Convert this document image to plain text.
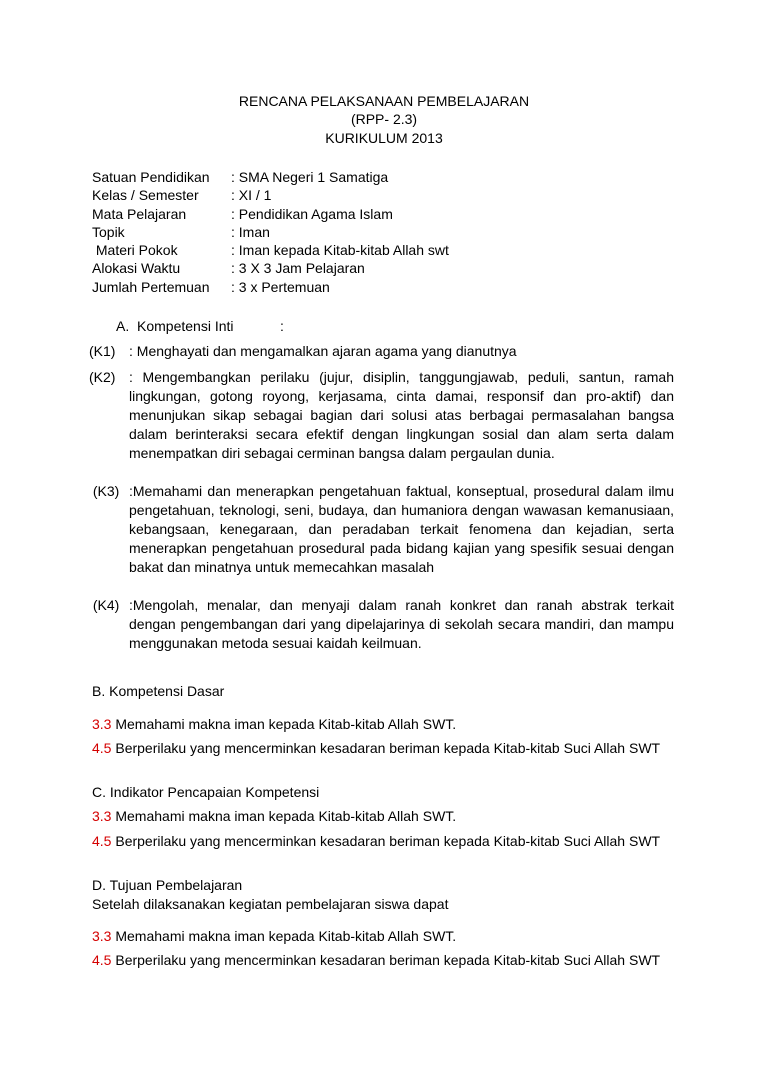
RENCANA PELAKSANAAN PEMBELAJARAN
(RPP- 2.3)
KURIKULUM 2013
Satuan Pendidikan : SMA Negeri 1 Samatiga
Kelas / Semester : XI / 1
Mata Pelajaran	: Pendidikan Agama Islam
Topik	: Iman
Materi Pokok	: Iman kepada Kitab-kitab Allah swt
Alokasi Waktu	: 3 X 3 Jam Pelajaran
Jumlah Pertemuan : 3 x Pertemuan
A.  Kompetensi Inti	:
(K1) : Menghayati dan mengamalkan ajaran agama yang dianutnya
(K2) : Mengembangkan perilaku (jujur, disiplin, tanggungjawab, peduli, santun, ramah lingkungan, gotong royong, kerjasama, cinta damai, responsif dan pro-aktif) dan menunjukan sikap sebagai bagian dari solusi atas berbagai permasalahan bangsa dalam berinteraksi secara efektif dengan lingkungan sosial dan alam serta dalam menempatkan diri sebagai cerminan bangsa dalam pergaulan dunia.
(K3) :Memahami dan menerapkan pengetahuan faktual, konseptual, prosedural dalam ilmu pengetahuan, teknologi, seni, budaya, dan humaniora dengan wawasan kemanusiaan, kebangsaan, kenegaraan, dan peradaban terkait fenomena dan kejadian, serta menerapkan pengetahuan prosedural pada bidang kajian yang spesifik sesuai dengan bakat dan minatnya untuk memecahkan masalah
(K4) :Mengolah, menalar, dan menyaji dalam ranah konkret dan ranah abstrak terkait dengan pengembangan dari yang dipelajarinya di sekolah secara mandiri, dan mampu menggunakan metoda sesuai kaidah keilmuan.
B. Kompetensi Dasar
3.3 Memahami makna iman kepada Kitab-kitab Allah SWT.
4.5 Berperilaku yang mencerminkan kesadaran beriman kepada Kitab-kitab Suci Allah SWT
C. Indikator Pencapaian Kompetensi
3.3 Memahami makna iman kepada Kitab-kitab Allah SWT.
4.5 Berperilaku yang mencerminkan kesadaran beriman kepada Kitab-kitab Suci Allah SWT
D. Tujuan Pembelajaran
Setelah dilaksanakan kegiatan pembelajaran siswa dapat
3.3 Memahami makna iman kepada Kitab-kitab Allah SWT.
4.5 Berperilaku yang mencerminkan kesadaran beriman kepada Kitab-kitab Suci Allah SWT
